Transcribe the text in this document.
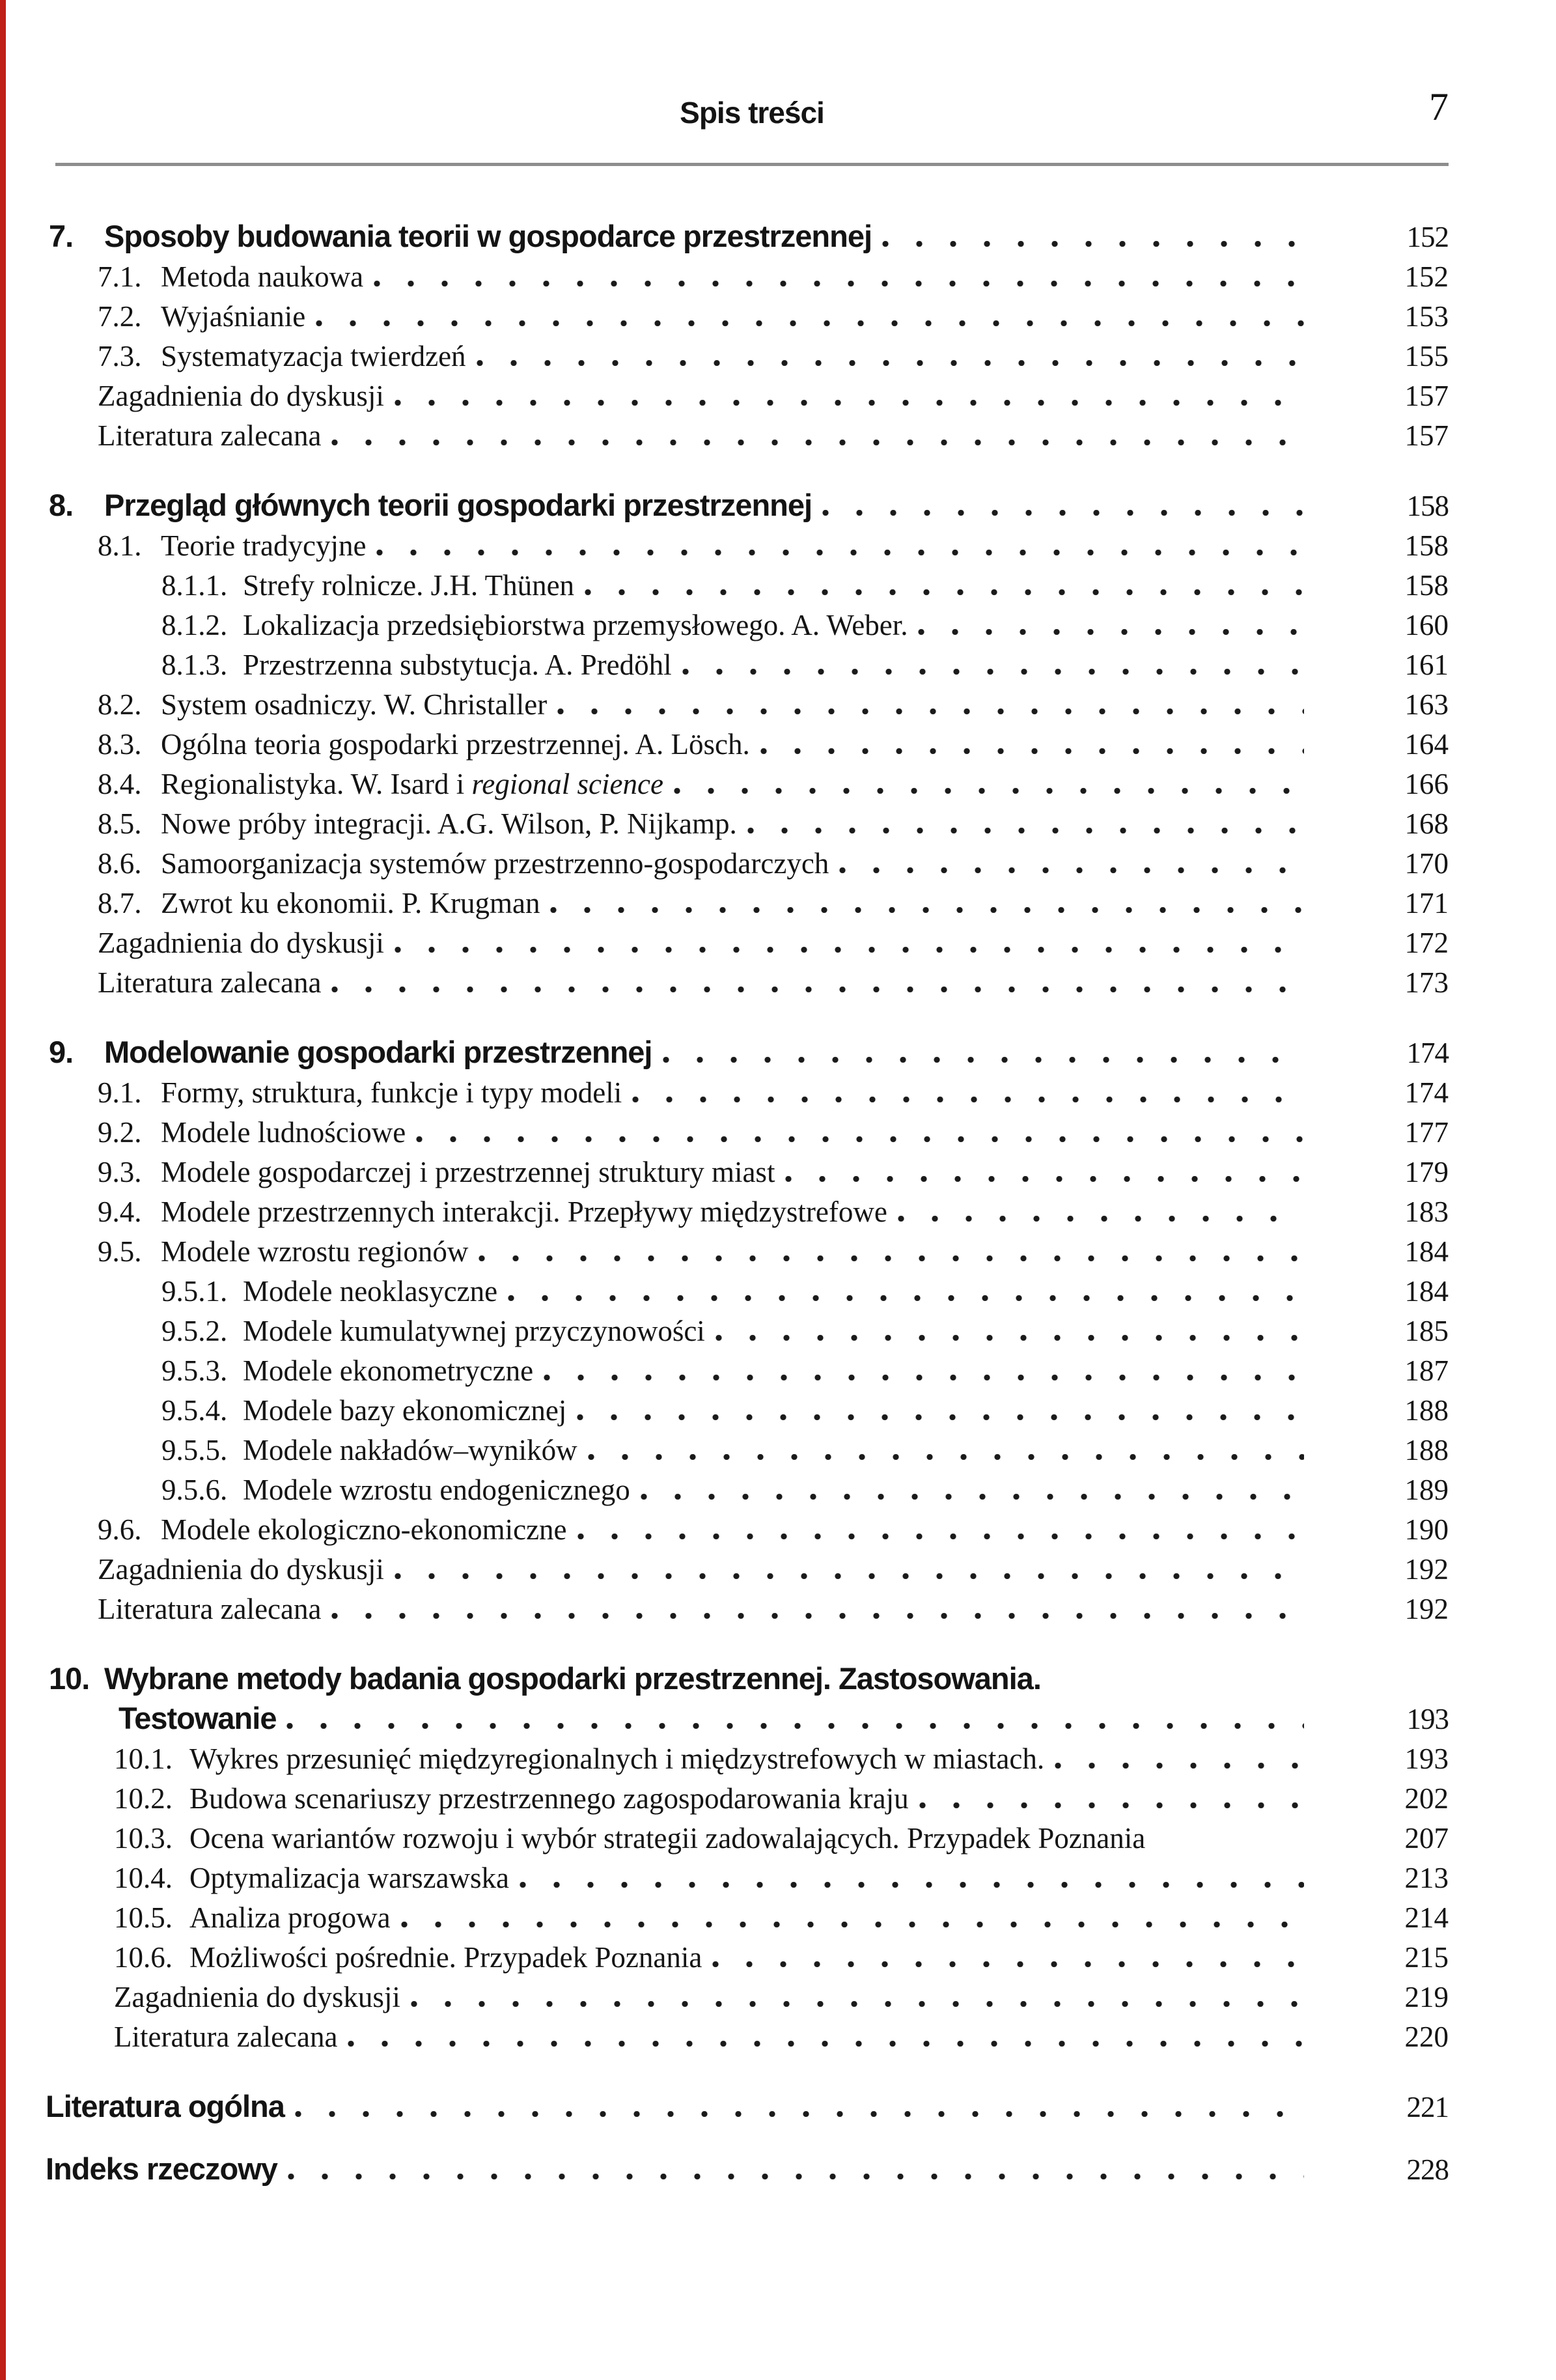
Spis treści	7
7.	Sposoby budowania teorii w gospodarce przestrzennej	152
7.1. Metoda naukowa	152
7.2. Wyjaśnianie	153
7.3. Systematyzacja twierdzeń	155
Zagadnienia do dyskusji	157
Literatura zalecana	157
8.	Przegląd głównych teorii gospodarki przestrzennej	158
8.1. Teorie tradycyjne	158
8.1.1. Strefy rolnicze. J.H. Thünen	158
8.1.2. Lokalizacja przedsiębiorstwa przemysłowego. A. Weber.	160
8.1.3. Przestrzenna substytucja. A. Predöhl	161
8.2. System osadniczy. W. Christaller	163
8.3. Ogólna teoria gospodarki przestrzennej. A. Lösch.	164
8.4. Regionalistyka. W. Isard i regional science	166
8.5. Nowe próby integracji. A.G. Wilson, P. Nijkamp.	168
8.6. Samoorganizacja systemów przestrzenno-gospodarczych	170
8.7. Zwrot ku ekonomii. P. Krugman	171
Zagadnienia do dyskusji	172
Literatura zalecana	173
9.	Modelowanie gospodarki przestrzennej	174
9.1. Formy, struktura, funkcje i typy modeli	174
9.2. Modele ludnościowe	177
9.3. Modele gospodarczej i przestrzennej struktury miast	179
9.4. Modele przestrzennych interakcji. Przepływy międzystrefowe	183
9.5. Modele wzrostu regionów	184
9.5.1. Modele neoklasyczne	184
9.5.2. Modele kumulatywnej przyczynowości	185
9.5.3. Modele ekonometryczne	187
9.5.4. Modele bazy ekonomicznej	188
9.5.5. Modele nakładów–wyników	188
9.5.6. Modele wzrostu endogenicznego	189
9.6. Modele ekologiczno-ekonomiczne	190
Zagadnienia do dyskusji	192
Literatura zalecana	192
10. Wybrane metody badania gospodarki przestrzennej. Zastosowania.
Testowanie	193
10.1. Wykres przesunięć międzyregionalnych i międzystrefowych w miastach.	193
10.2. Budowa scenariuszy przestrzennego zagospodarowania kraju	202
10.3. Ocena wariantów rozwoju i wybór strategii zadowalających. Przypadek Poznania	207
10.4. Optymalizacja warszawska	213
10.5. Analiza progowa	214
10.6. Możliwości pośrednie. Przypadek Poznania	215
Zagadnienia do dyskusji	219
Literatura zalecana	220
Literatura ogólna	221
Indeks rzeczowy	228
